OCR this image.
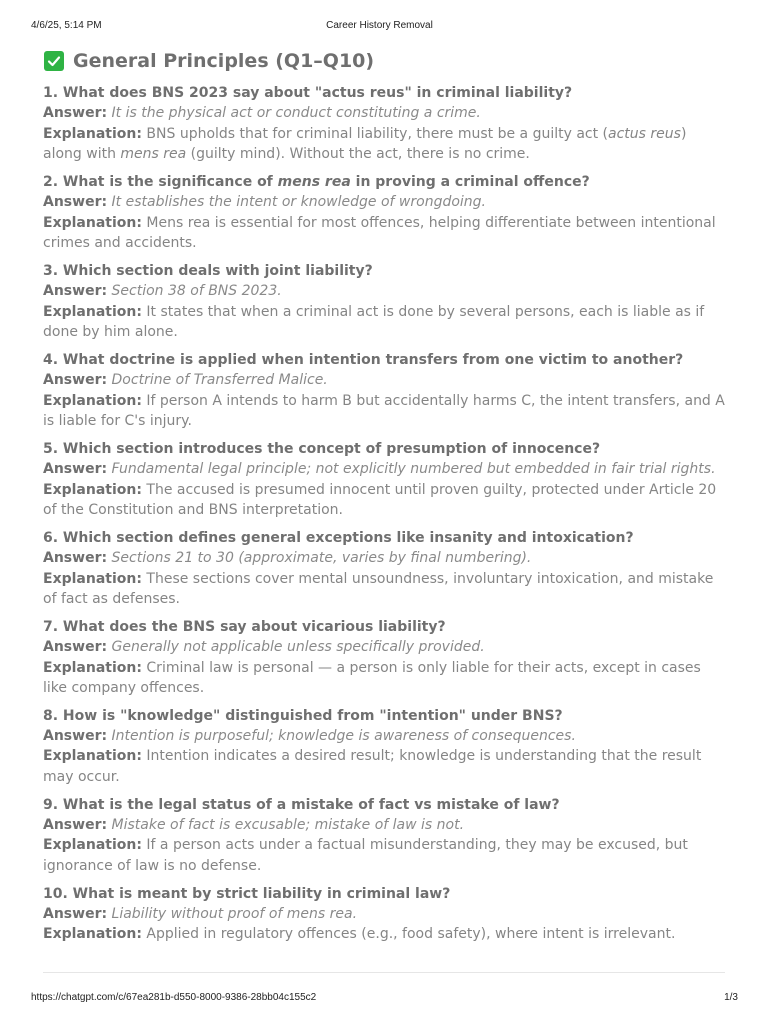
4/6/25, 5:14 PM	Career History Removal
General Principles (Q1–Q10)
1. What does BNS 2023 say about "actus reus" in criminal liability?
Answer: It is the physical act or conduct constituting a crime.
Explanation: BNS upholds that for criminal liability, there must be a guilty act (actus reus) along with mens rea (guilty mind). Without the act, there is no crime.
2. What is the significance of mens rea in proving a criminal offence?
Answer: It establishes the intent or knowledge of wrongdoing.
Explanation: Mens rea is essential for most offences, helping differentiate between intentional crimes and accidents.
3. Which section deals with joint liability?
Answer: Section 38 of BNS 2023.
Explanation: It states that when a criminal act is done by several persons, each is liable as if done by him alone.
4. What doctrine is applied when intention transfers from one victim to another?
Answer: Doctrine of Transferred Malice.
Explanation: If person A intends to harm B but accidentally harms C, the intent transfers, and A is liable for C's injury.
5. Which section introduces the concept of presumption of innocence?
Answer: Fundamental legal principle; not explicitly numbered but embedded in fair trial rights.
Explanation: The accused is presumed innocent until proven guilty, protected under Article 20 of the Constitution and BNS interpretation.
6. Which section defines general exceptions like insanity and intoxication?
Answer: Sections 21 to 30 (approximate, varies by final numbering).
Explanation: These sections cover mental unsoundness, involuntary intoxication, and mistake of fact as defenses.
7. What does the BNS say about vicarious liability?
Answer: Generally not applicable unless specifically provided.
Explanation: Criminal law is personal — a person is only liable for their acts, except in cases like company offences.
8. How is "knowledge" distinguished from "intention" under BNS?
Answer: Intention is purposeful; knowledge is awareness of consequences.
Explanation: Intention indicates a desired result; knowledge is understanding that the result may occur.
9. What is the legal status of a mistake of fact vs mistake of law?
Answer: Mistake of fact is excusable; mistake of law is not.
Explanation: If a person acts under a factual misunderstanding, they may be excused, but ignorance of law is no defense.
10. What is meant by strict liability in criminal law?
Answer: Liability without proof of mens rea.
Explanation: Applied in regulatory offences (e.g., food safety), where intent is irrelevant.
https://chatgpt.com/c/67ea281b-d550-8000-9386-28bb04c155c2	1/3
